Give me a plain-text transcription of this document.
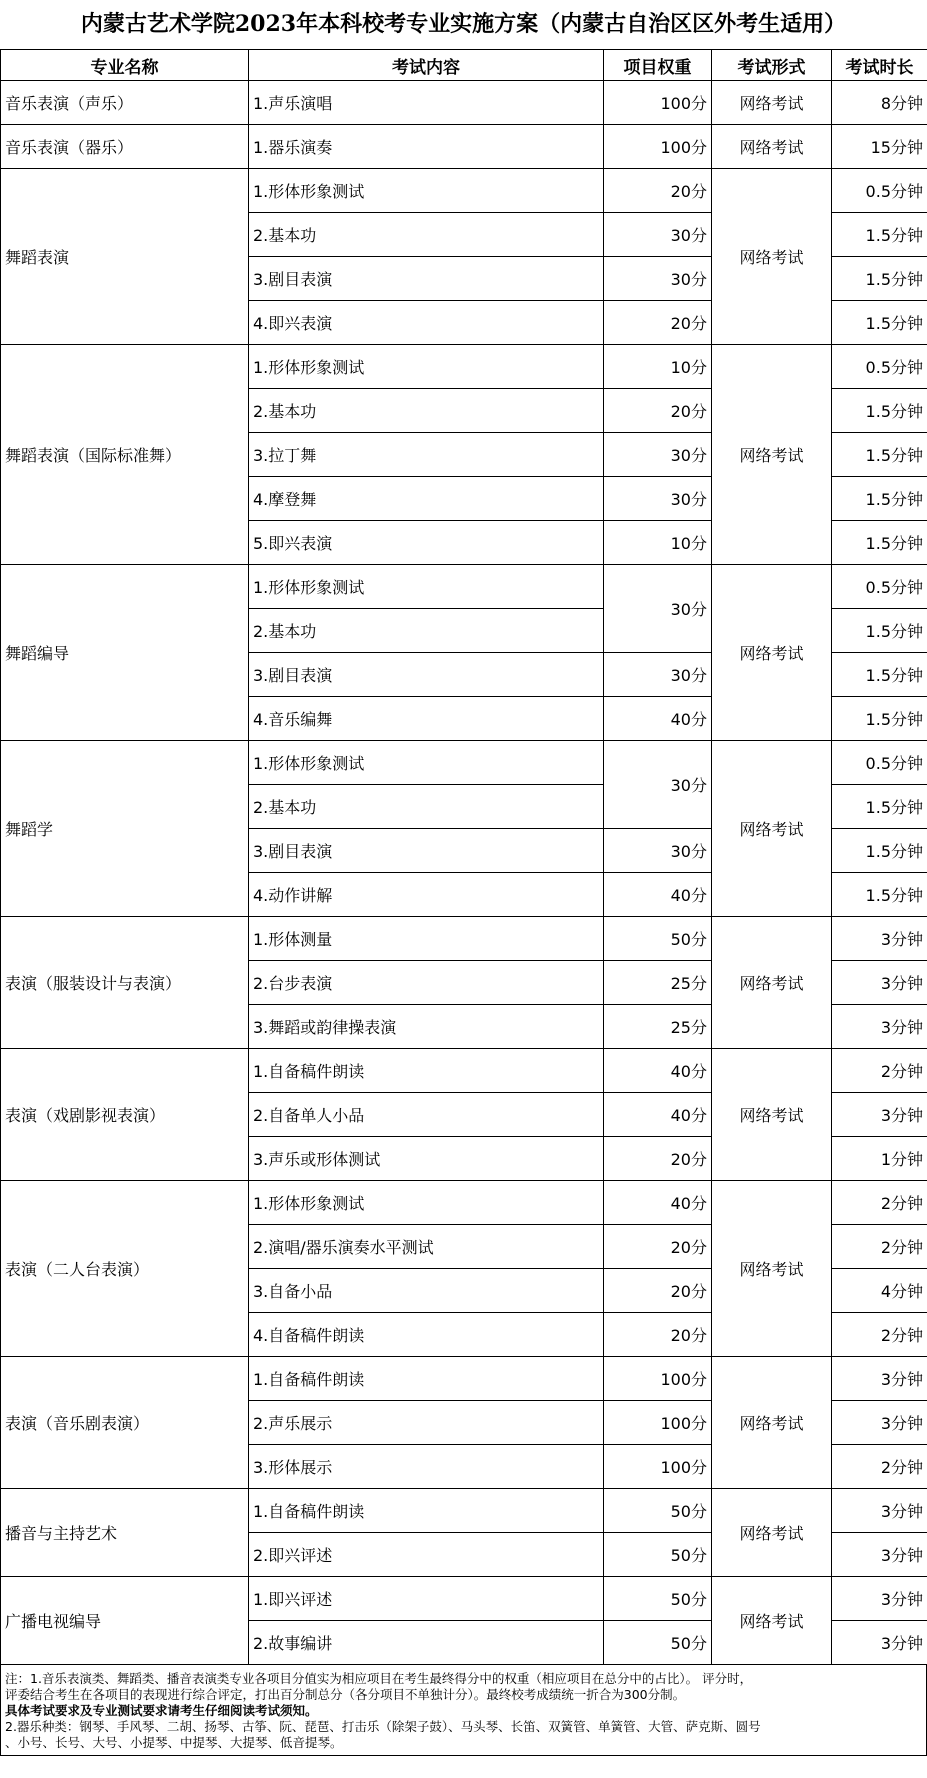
内蒙古艺术学院2023年本科校考专业实施方案（内蒙古自治区区外考生适用）
专业名称	考试内容	项目权重	考试形式	考试时长
音乐表演（声乐）	1.声乐演唱	100分	网络考试	8分钟
音乐表演（器乐）	1.器乐演奏	100分	网络考试	15分钟
舞蹈表演	1.形体形象测试	20分	网络考试	0.5分钟
	2.基本功	30分		1.5分钟
	3.剧目表演	30分		1.5分钟
	4.即兴表演	20分		1.5分钟
舞蹈表演（国际标准舞）	1.形体形象测试	10分	网络考试	0.5分钟
	2.基本功	20分		1.5分钟
	3.拉丁舞	30分		1.5分钟
	4.摩登舞	30分		1.5分钟
	5.即兴表演	10分		1.5分钟
舞蹈编导	1.形体形象测试	30分	网络考试	0.5分钟
	2.基本功			1.5分钟
	3.剧目表演	30分		1.5分钟
	4.音乐编舞	40分		1.5分钟
舞蹈学	1.形体形象测试	30分	网络考试	0.5分钟
	2.基本功			1.5分钟
	3.剧目表演	30分		1.5分钟
	4.动作讲解	40分		1.5分钟
表演（服装设计与表演）	1.形体测量	50分	网络考试	3分钟
	2.台步表演	25分		3分钟
	3.舞蹈或韵律操表演	25分		3分钟
表演（戏剧影视表演）	1.自备稿件朗读	40分	网络考试	2分钟
	2.自备单人小品	40分		3分钟
	3.声乐或形体测试	20分		1分钟
表演（二人台表演）	1.形体形象测试	40分	网络考试	2分钟
	2.演唱/器乐演奏水平测试	20分		2分钟
	3.自备小品	20分		4分钟
	4.自备稿件朗读	20分		2分钟
表演（音乐剧表演）	1.自备稿件朗读	100分	网络考试	3分钟
	2.声乐展示	100分		3分钟
	3.形体展示	100分		2分钟
播音与主持艺术	1.自备稿件朗读	50分	网络考试	3分钟
	2.即兴评述	50分		3分钟
广播电视编导	1.即兴评述	50分	网络考试	3分钟
	2.故事编讲	50分		3分钟
注：1.音乐表演类、舞蹈类、播音表演类专业各项目分值实为相应项目在考生最终得分中的权重（相应项目在总分中的占比）。 评分时，
评委结合考生在各项目的表现进行综合评定，打出百分制总分（各分项目不单独计分）。最终校考成绩统一折合为300分制。
具体考试要求及专业测试要求请考生仔细阅读考试须知。
2.器乐种类：钢琴、手风琴、二胡、扬琴、古筝、阮、琵琶、打击乐（除架子鼓）、马头琴、长笛、双簧管、单簧管、大管、萨克斯、圆号
、小号、长号、大号、小提琴、中提琴、大提琴、低音提琴。
